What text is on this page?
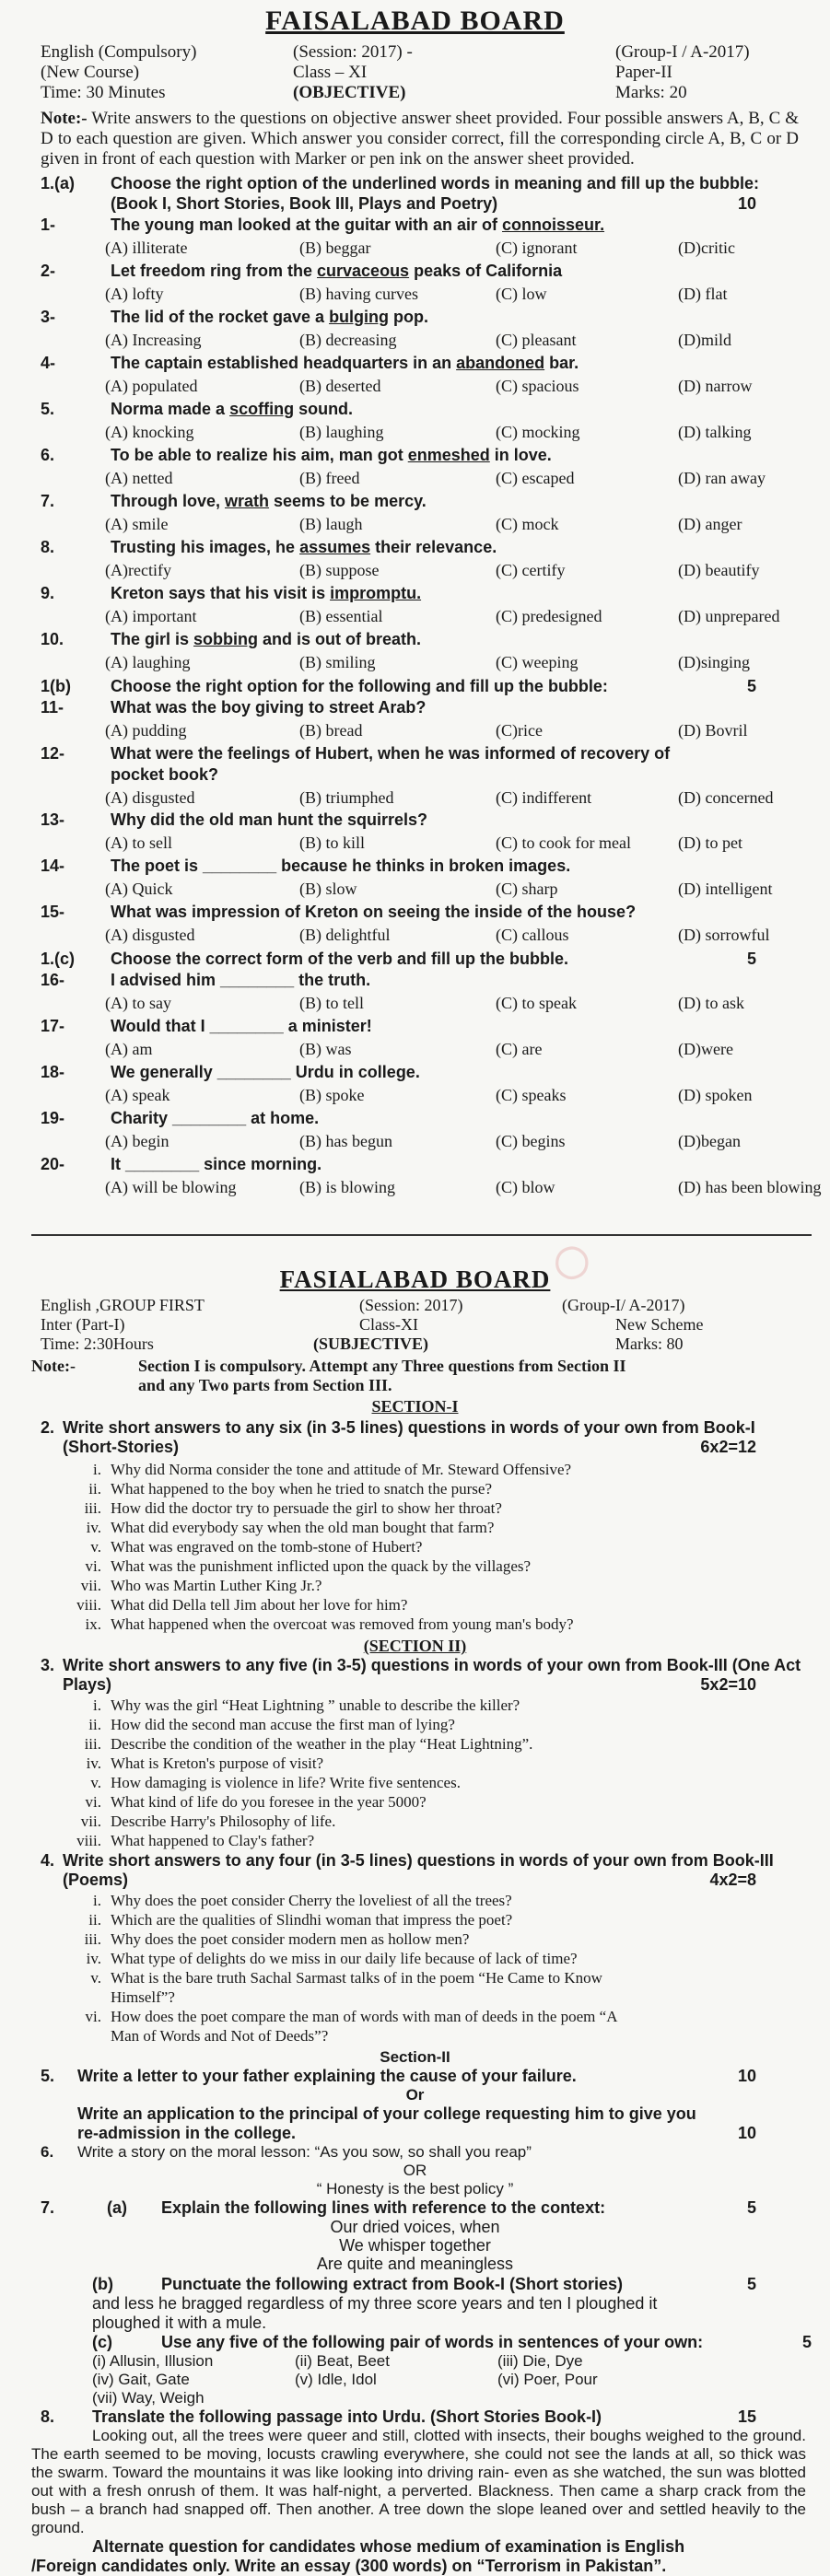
FAISALABAD BOARD
English (Compulsory)	(Session: 2017) -	(Group-I / A-2017)
(New Course)	Class – XI	Paper-II
Time: 30 Minutes	(OBJECTIVE)	Marks: 20

Note:- Write answers to the questions on objective answer sheet provided. Four possible answers A, B, C & D to each question are given. Which answer you consider correct, fill the corresponding circle A, B, C or D given in front of each question with Marker or pen ink on the answer sheet provided.

1.(a) Choose the right option of the underlined words in meaning and fill up the bubble: (Book I, Short Stories, Book III, Plays and Poetry)	10
1-	The young man looked at the guitar with an air of connoisseur.
(A) illiterate	(B) beggar	(C) ignorant	(D)critic
2-	Let freedom ring from the curvaceous peaks of California
(A) lofty	(B) having curves	(C) low	(D) flat
3-	The lid of the rocket gave a bulging pop.
(A) Increasing	(B) decreasing	(C) pleasant	(D)mild
4-	The captain established headquarters in an abandoned bar.
(A) populated	(B) deserted	(C) spacious	(D) narrow
5.	Norma made a scoffing sound.
(A) knocking	(B) laughing	(C) mocking	(D) talking
6.	To be able to realize his aim, man got enmeshed in love.
(A) netted	(B) freed	(C) escaped	(D) ran away
7.	Through love, wrath seems to be mercy.
(A) smile	(B) laugh	(C) mock	(D) anger
8.	Trusting his images, he assumes their relevance.
(A)rectify	(B) suppose	(C) certify	(D) beautify
9.	Kreton says that his visit is impromptu.
(A) important	(B) essential	(C) predesigned	(D) unprepared
10.	The girl is sobbing and is out of breath.
(A) laughing	(B) smiling	(C) weeping	(D)singing
1(b) Choose the right option for the following and fill up the bubble:	5
11-	What was the boy giving to street Arab?
(A) pudding	(B) bread	(C)rice	(D) Bovril
12-	What were the feelings of Hubert, when he was informed of recovery of
pocket book?
(A) disgusted	(B) triumphed	(C) indifferent	(D) concerned
13-	Why did the old man hunt the squirrels?
(A) to sell	(B) to kill	(C) to cook for meal	(D) to pet
14-	The poet is ________ because he thinks in broken images.
(A) Quick	(B) slow	(C) sharp	(D) intelligent
15-	What was impression of Kreton on seeing the inside of the house?
(A) disgusted	(B) delightful	(C) callous	(D) sorrowful
1.(c) Choose the correct form of the verb and fill up the bubble.	5
16-	I advised him ________ the truth.
(A) to say	(B) to tell	(C) to speak	(D) to ask
17-	Would that I ________ a minister!
(A) am	(B) was	(C) are	(D)were
18-	We generally ________ Urdu in college.
(A) speak	(B) spoke	(C) speaks	(D) spoken
19-	Charity ________ at home.
(A) begin	(B) has begun	(C) begins	(D)began
20-	It ________ since morning.
(A) will be blowing	(B) is blowing	(C) blow	(D) has been blowing
FASIALABAD BOARD
English ,GROUP FIRST	(Session: 2017)	(Group-I/ A-2017)
Inter (Part-I)	Class-XI	New Scheme
Time: 2:30Hours	(SUBJECTIVE)	Marks: 80
Note:-	Section I is compulsory. Attempt any Three questions from Section II
and any Two parts from Section III.
SECTION-I
2. Write short answers to any six (in 3-5 lines) questions in words of your own from Book-I (Short-Stories)	6x2=12
i. Why did Norma consider the tone and attitude of Mr. Steward Offensive?
ii. What happened to the boy when he tried to snatch the purse?
iii. How did the doctor try to persuade the girl to show her throat?
iv. What did everybody say when the old man bought that farm?
v. What was engraved on the tomb-stone of Hubert?
vi. What was the punishment inflicted upon the quack by the villages?
vii. Who was Martin Luther King Jr.?
viii. What did Della tell Jim about her love for him?
ix. What happened when the overcoat was removed from young man's body?
(SECTION II)
3. Write short answers to any five (in 3-5) questions in words of your own from Book-III (One Act Plays)	5x2=10
i. Why was the girl “Heat Lightning ” unable to describe the killer?
ii. How did the second man accuse the first man of lying?
iii. Describe the condition of the weather in the play “Heat Lightning”.
iv. What is Kreton's purpose of visit?
v. How damaging is violence in life? Write five sentences.
vi. What kind of life do you foresee in the year 5000?
vii. Describe Harry's Philosophy of life.
viii. What happened to Clay's father?
4. Write short answers to any four (in 3-5 lines) questions in words of your own from Book-III (Poems)	4x2=8
i. Why does the poet consider Cherry the loveliest of all the trees?
ii. Which are the qualities of Slindhi woman that impress the poet?
iii. Why does the poet consider modern men as hollow men?
iv. What type of delights do we miss in our daily life because of lack of time?
v. What is the bare truth Sachal Sarmast talks of in the poem “He Came to Know
Himself”?
vi. How does the poet compare the man of words with man of deeds in the poem “A
Man of Words and Not of Deeds”?
Section-II
5. Write a letter to your father explaining the cause of your failure.	10
Or
Write an application to the principal of your college requesting him to give you
re-admission in the college.	10
6. Write a story on the moral lesson: “As you sow, so shall you reap”
OR
“ Honesty is the best policy ”
7.	(a) Explain the following lines with reference to the context:	5
Our dried voices, when
We whisper together
Are quite and meaningless
(b)	Punctuate the following extract from Book-I (Short stories)	5
and less he bragged regardless of my three score years and ten I ploughed it
ploughed it with a mule.
(c)	Use any five of the following pair of words in sentences of your own:	5
(i) Allusin, Illusion	(ii) Beat, Beet	(iii) Die, Dye
(iv) Gait, Gate	(v) Idle, Idol	(vi) Poer, Pour
(vii) Way, Weigh
8. Translate the following passage into Urdu. (Short Stories Book-I)	15

Looking out, all the trees were queer and still, clotted with insects, their boughs weighed to the ground. The earth seemed to be moving, locusts crawling everywhere, she could not see the lands at all, so thick was the swarm. Toward the mountains it was like looking into driving rain- even as she watched, the sun was blotted out with a fresh onrush of them. It was half-night, a perverted. Blackness. Then came a sharp crack from the bush – a branch had snapped off. Then another. A tree down the slope leaned over and settled heavily to the ground.

Alternate question for candidates whose medium of examination is English
/Foreign candidates only. Write an essay (300 words) on “Terrorism in Pakistan”.
◯
